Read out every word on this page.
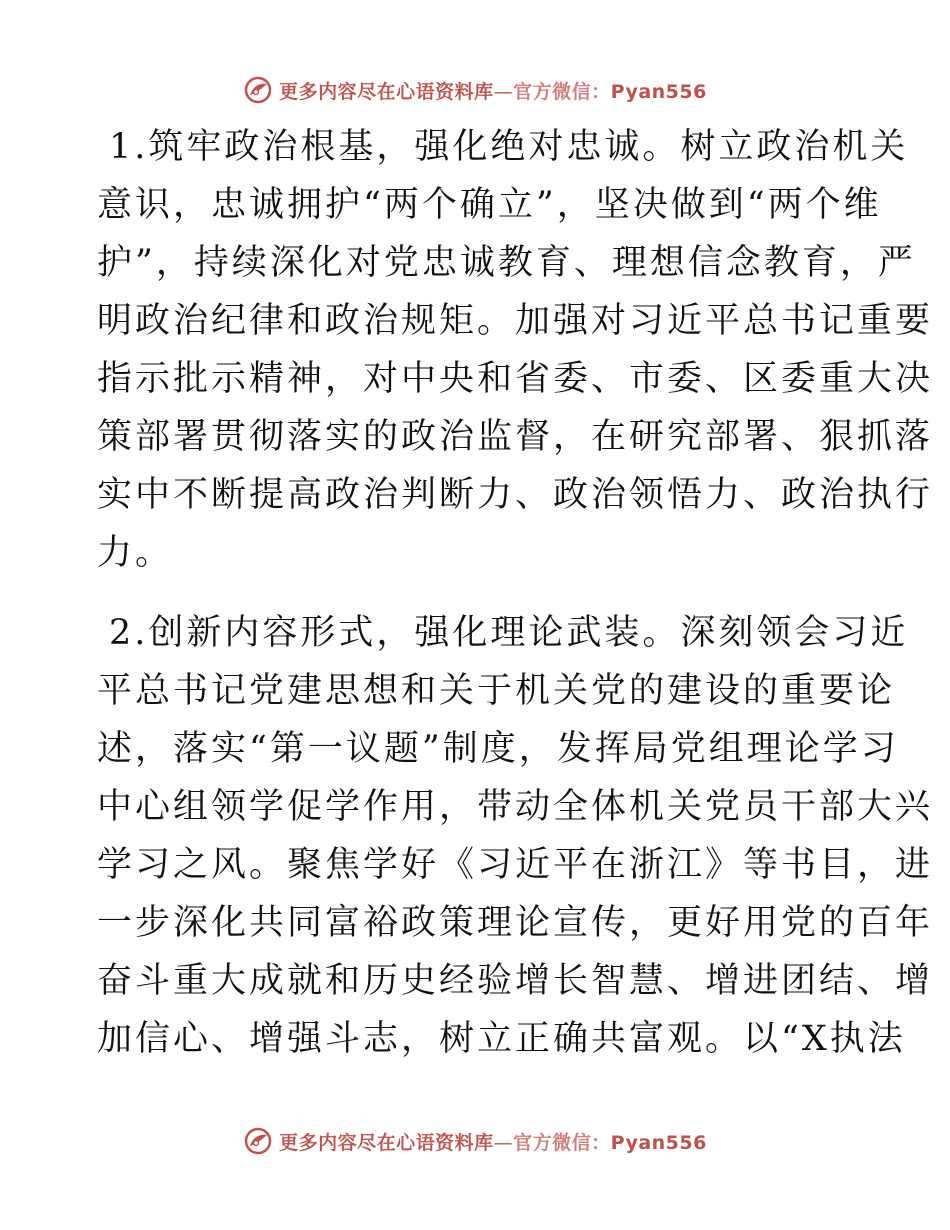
更多内容尽在心语资料库—官方微信：Pyan556
1.筑牢政治根基，强化绝对忠诚。树立政治机关
意识，忠诚拥护“两个确立”，坚决做到“两个维
护”，持续深化对党忠诚教育、理想信念教育，严
明政治纪律和政治规矩。加强对习近平总书记重要
指示批示精神，对中央和省委、市委、区委重大决
策部署贯彻落实的政治监督，在研究部署、狠抓落
实中不断提高政治判断力、政治领悟力、政治执行
力。
2.创新内容形式，强化理论武装。深刻领会习近
平总书记党建思想和关于机关党的建设的重要论
述，落实“第一议题”制度，发挥局党组理论学习
中心组领学促学作用，带动全体机关党员干部大兴
学习之风。聚焦学好《习近平在浙江》等书目，进
一步深化共同富裕政策理论宣传，更好用党的百年
奋斗重大成就和历史经验增长智慧、增进团结、增
加信心、增强斗志，树立正确共富观。以“X执法
更多内容尽在心语资料库—官方微信：Pyan556
